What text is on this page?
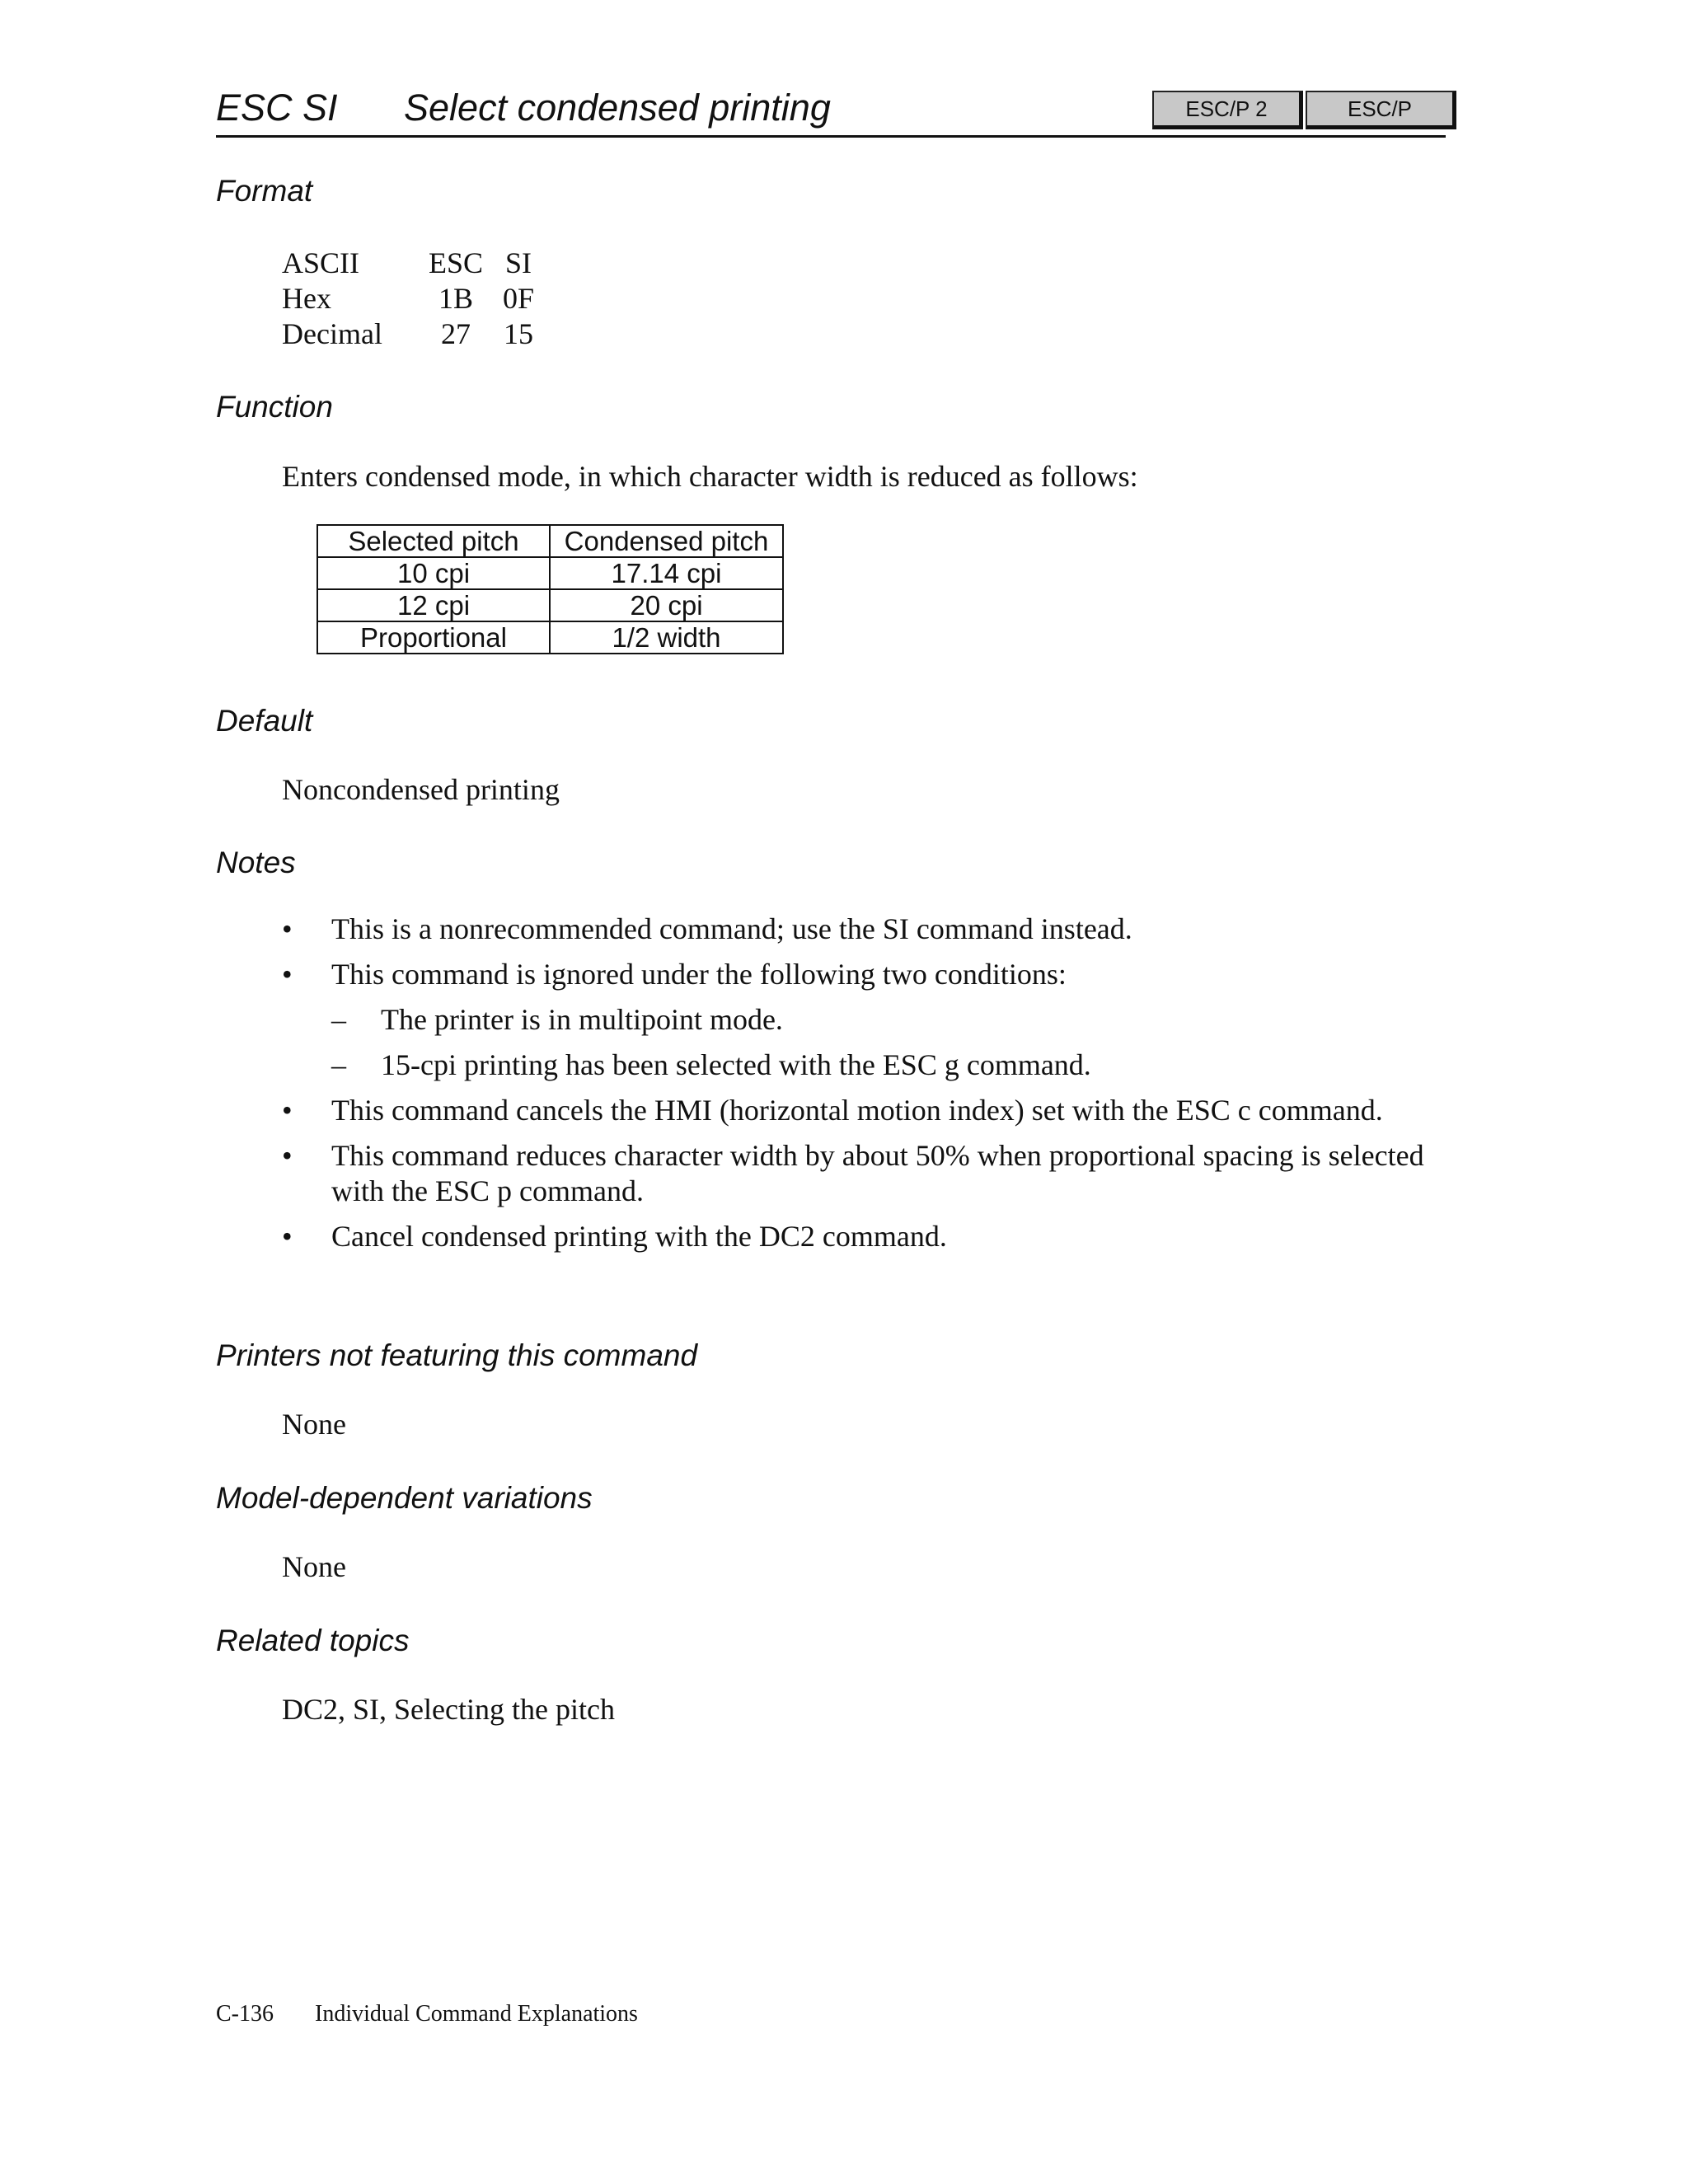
ESC SI Select condensed printing	ESC/P 2	ESC/P
Format
ASCII ESC SI
Hex	1B 0F
Decimal	27	15
Function
Enters condensed mode, in which character width is reduced as follows:
Selected pitch	Condensed pitch
10 cpi	17.14 cpi
12 cpi	20 cpi
Proportional	1/2 width
Default
Noncondensed printing
Notes
• This is a nonrecommended command; use the SI command instead.
• This command is ignored under the following two conditions:
– The printer is in multipoint mode.
– 15-cpi printing has been selected with the ESC g command.
• This command cancels the HMI (horizontal motion index) set with the ESC c command.
• This command reduces character width by about 50% when proportional spacing is selected with the ESC p command.
• Cancel condensed printing with the DC2 command.
Printers not featuring this command
None
Model-dependent variations
None
Related topics
DC2, SI, Selecting the pitch
C-136 Individual Command Explanations
